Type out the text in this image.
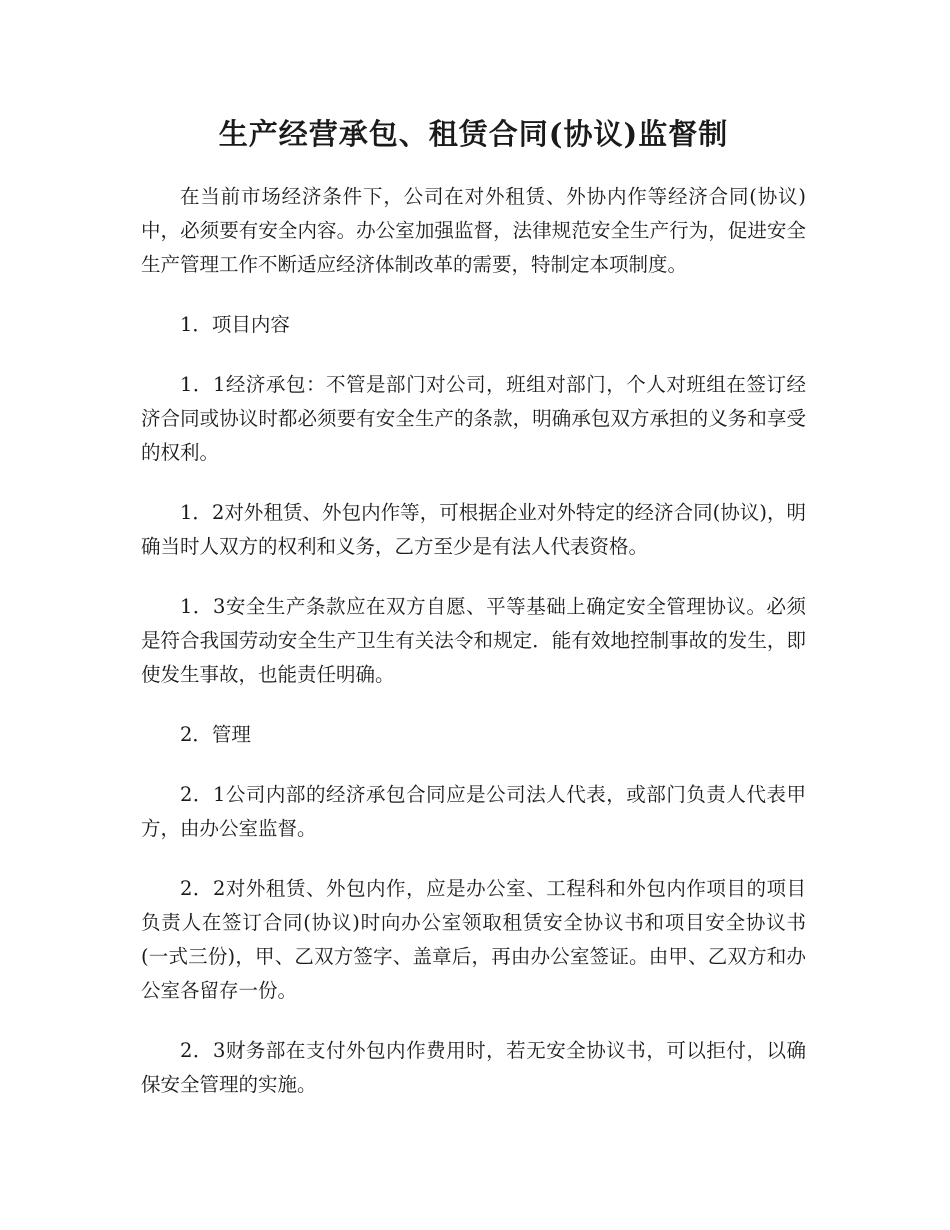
生产经营承包、租赁合同(协议)监督制

在当前市场经济条件下，公司在对外租赁、外协内作等经济合同(协议)中，必须要有安全内容。办公室加强监督，法律规范安全生产行为，促进安全生产管理工作不断适应经济体制改革的需要，特制定本项制度。

1．项目内容

1．1经济承包：不管是部门对公司，班组对部门，个人对班组在签订经济合同或协议时都必须要有安全生产的条款，明确承包双方承担的义务和享受的权利。

1．2对外租赁、外包内作等，可根据企业对外特定的经济合同(协议)，明确当时人双方的权利和义务，乙方至少是有法人代表资格。

1．3安全生产条款应在双方自愿、平等基础上确定安全管理协议。必须是符合我国劳动安全生产卫生有关法令和规定．能有效地控制事故的发生，即使发生事故，也能责任明确。

2．管理

2．1公司内部的经济承包合同应是公司法人代表，或部门负责人代表甲方，由办公室监督。

2．2对外租赁、外包内作，应是办公室、工程科和外包内作项目的项目负责人在签订合同(协议)时向办公室领取租赁安全协议书和项目安全协议书(一式三份)，甲、乙双方签字、盖章后，再由办公室签证。由甲、乙双方和办公室各留存一份。

2．3财务部在支付外包内作费用时，若无安全协议书，可以拒付，以确保安全管理的实施。
